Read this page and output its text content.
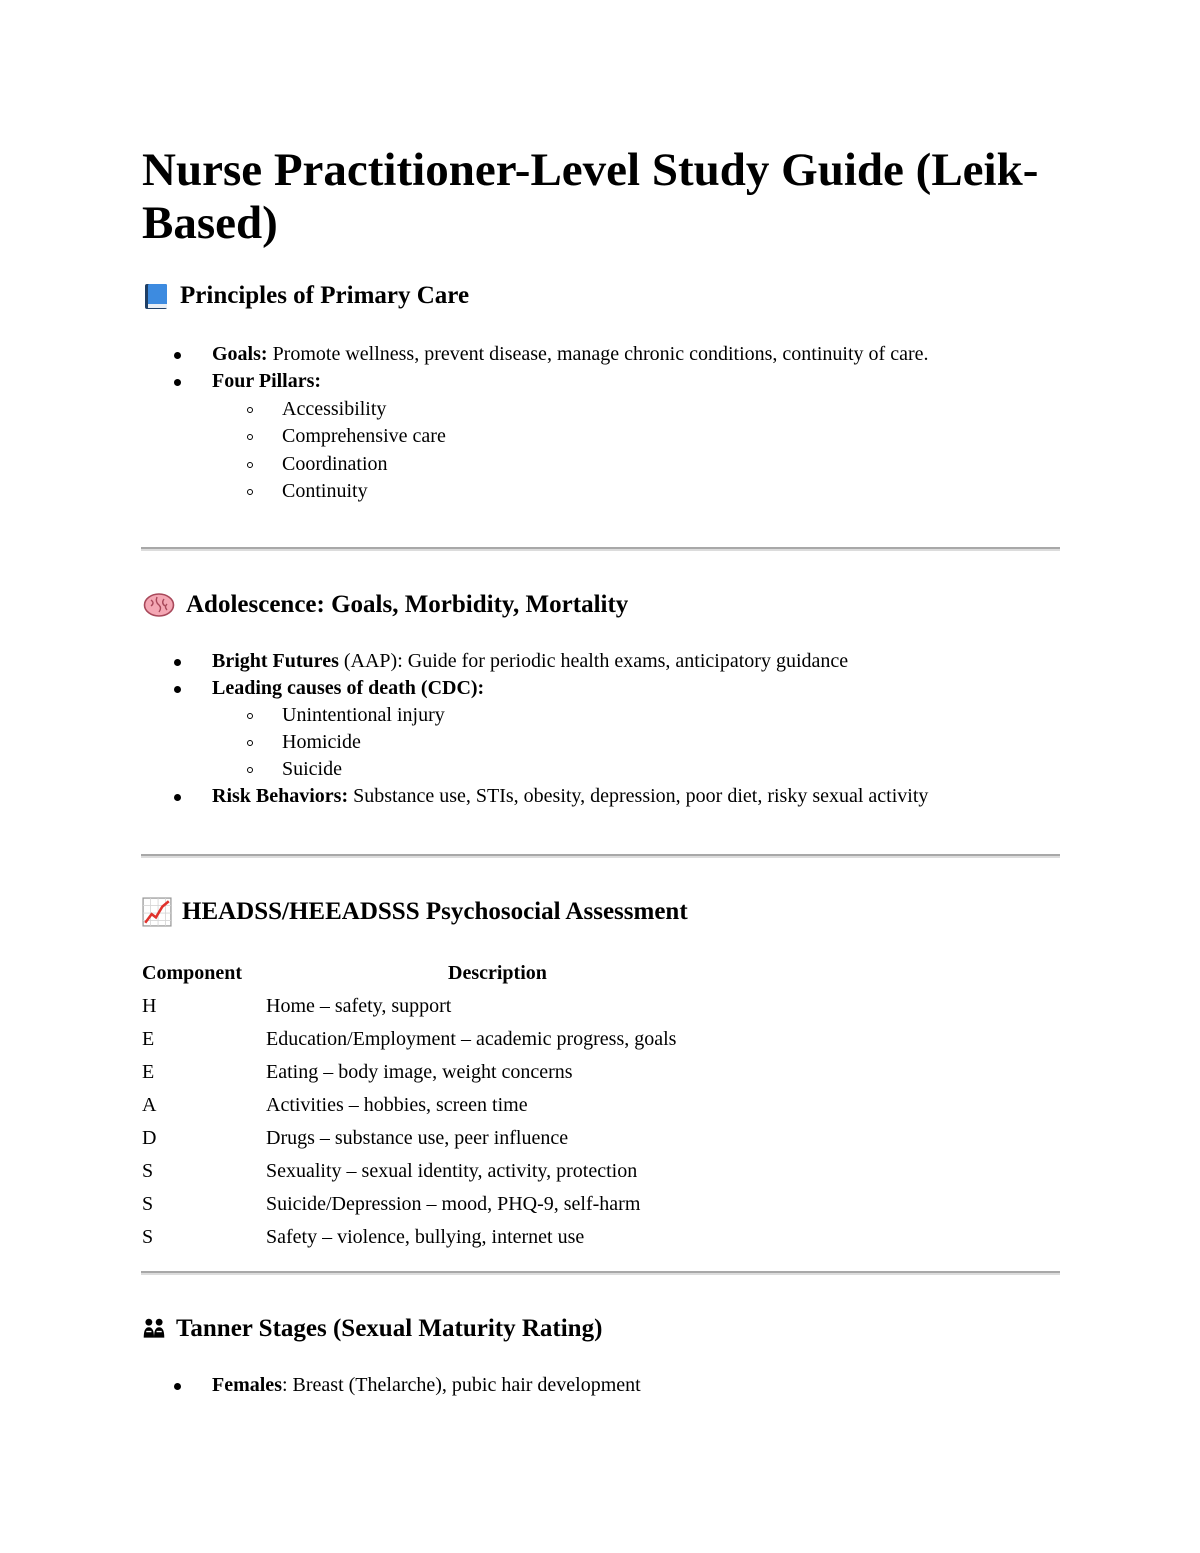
Nurse Practitioner-Level Study Guide (Leik-Based)
Principles of Primary Care
Goals: Promote wellness, prevent disease, manage chronic conditions, continuity of care.
Four Pillars:
Accessibility
Comprehensive care
Coordination
Continuity
Adolescence: Goals, Morbidity, Mortality
Bright Futures (AAP): Guide for periodic health exams, anticipatory guidance
Leading causes of death (CDC):
Unintentional injury
Homicide
Suicide
Risk Behaviors: Substance use, STIs, obesity, depression, poor diet, risky sexual activity
HEADSS/HEEADSSS Psychosocial Assessment
Component	Description
H	Home – safety, support
E	Education/Employment – academic progress, goals
E	Eating – body image, weight concerns
A	Activities – hobbies, screen time
D	Drugs – substance use, peer influence
S	Sexuality – sexual identity, activity, protection
S	Suicide/Depression – mood, PHQ-9, self-harm
S	Safety – violence, bullying, internet use
Tanner Stages (Sexual Maturity Rating)
Females: Breast (Thelarche), pubic hair development
